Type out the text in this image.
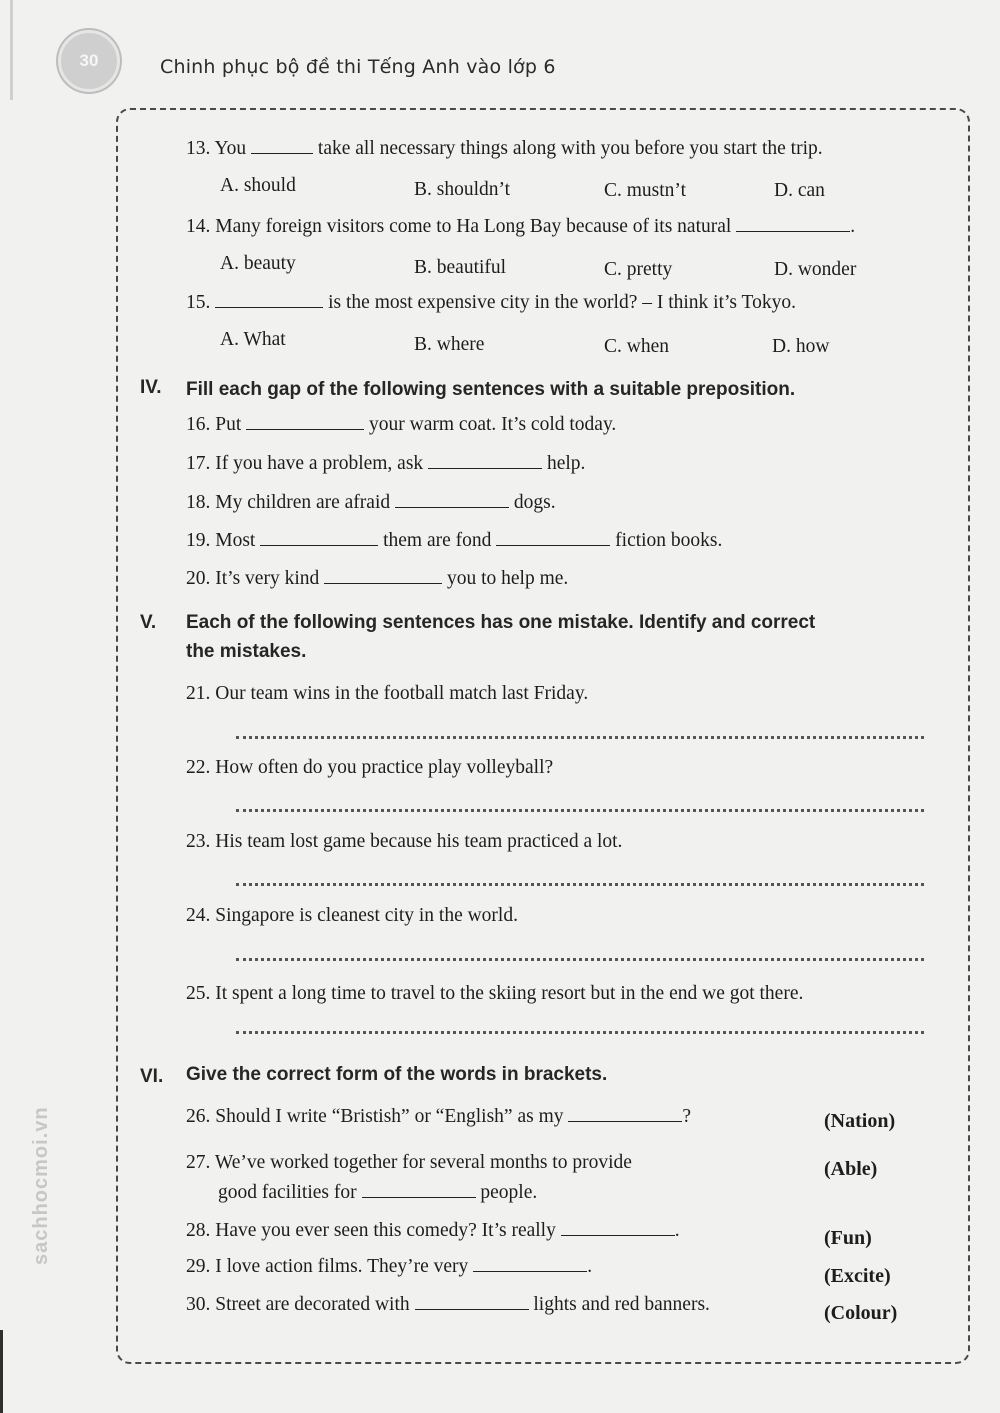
30	Chinh phục bộ đề thi Tếng Anh vào lớp 6
13. You	take all necessary things along with you before you start the trip.
A. should	B. shouldn’t	C. mustn’t	D. can
14. Many foreign visitors come to Ha Long Bay because of its natural	.
A. beauty	B. beautiful	C. pretty	D. wonder
15.	is the most expensive city in the world? – I think it’s Tokyo.
A. What	B. where	C. when	D. how
IV. Fill each gap of the following sentences with a suitable preposition.
16. Put	your warm coat. It’s cold today.
17. If you have a problem, ask	help.
18. My children are afraid	dogs.
19. Most	them are fond	fiction books.
20. It’s very kind	you to help me.
V. Each of the following sentences has one mistake. Identify and correct
the mistakes.
21. Our team wins in the football match last Friday.
22. How often do you practice play volleyball?
23. His team lost game because his team practiced a lot.
24. Singapore is cleanest city in the world.
25. It spent a long time to travel to the skiing resort but in the end we got there.
VI. Give the correct form of the words in brackets.
26. Should I write “Bristish” or “English” as my	?	(Nation)
27. We’ve worked together for several months to provide
good facilities for	people.
(Able)
28. Have you ever seen this comedy? It’s really	.	(Fun)
29. I love action films. They’re very	.	(Excite)
30. Street are decorated with	lights and red banners.	(Colour)
sachhocmoi.vn
